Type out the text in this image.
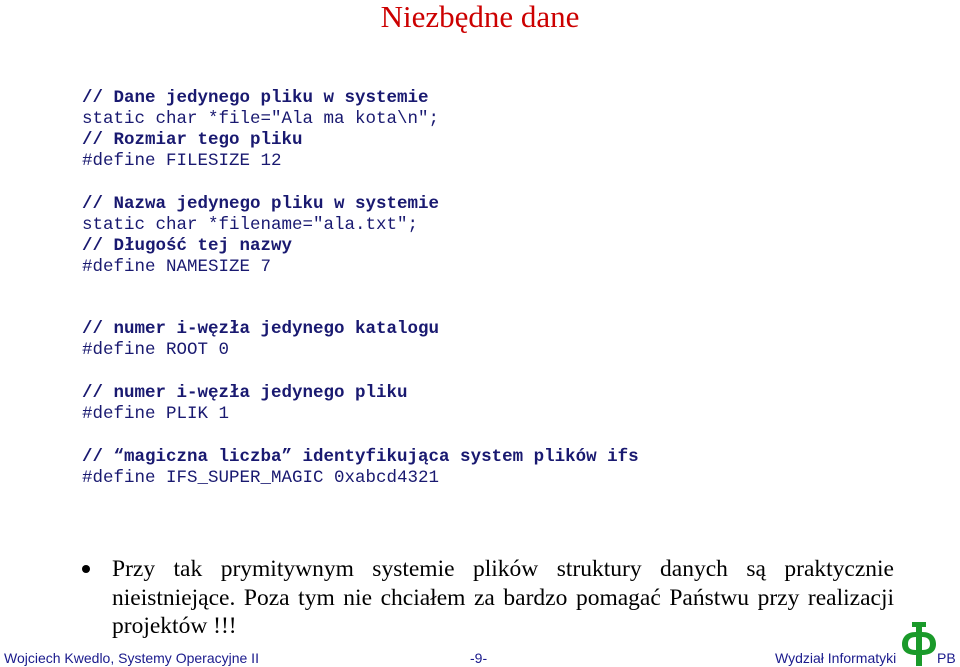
Niezbędne dane
// Dane jedynego pliku w systemie
static char *file="Ala ma kota\n";
// Rozmiar tego pliku
#define FILESIZE 12
// Nazwa jedynego pliku w systemie
static char *filename="ala.txt";
// Długość tej nazwy
#define NAMESIZE 7
// numer i-węzła jedynego katalogu
#define ROOT 0
// numer i-węzła jedynego pliku
#define PLIK 1
// “magiczna liczba” identyfikująca system plików ifs
#define IFS_SUPER_MAGIC 0xabcd4321
Przy tak prymitywnym systemie plików struktury danych są praktycznie nieistniejące. Poza tym nie chciałem za bardzo pomagać Państwu przy realizacji projektów !!!
Wojciech Kwedlo, Systemy Operacyjne II	-9-	Wydział Informatyki	PB
